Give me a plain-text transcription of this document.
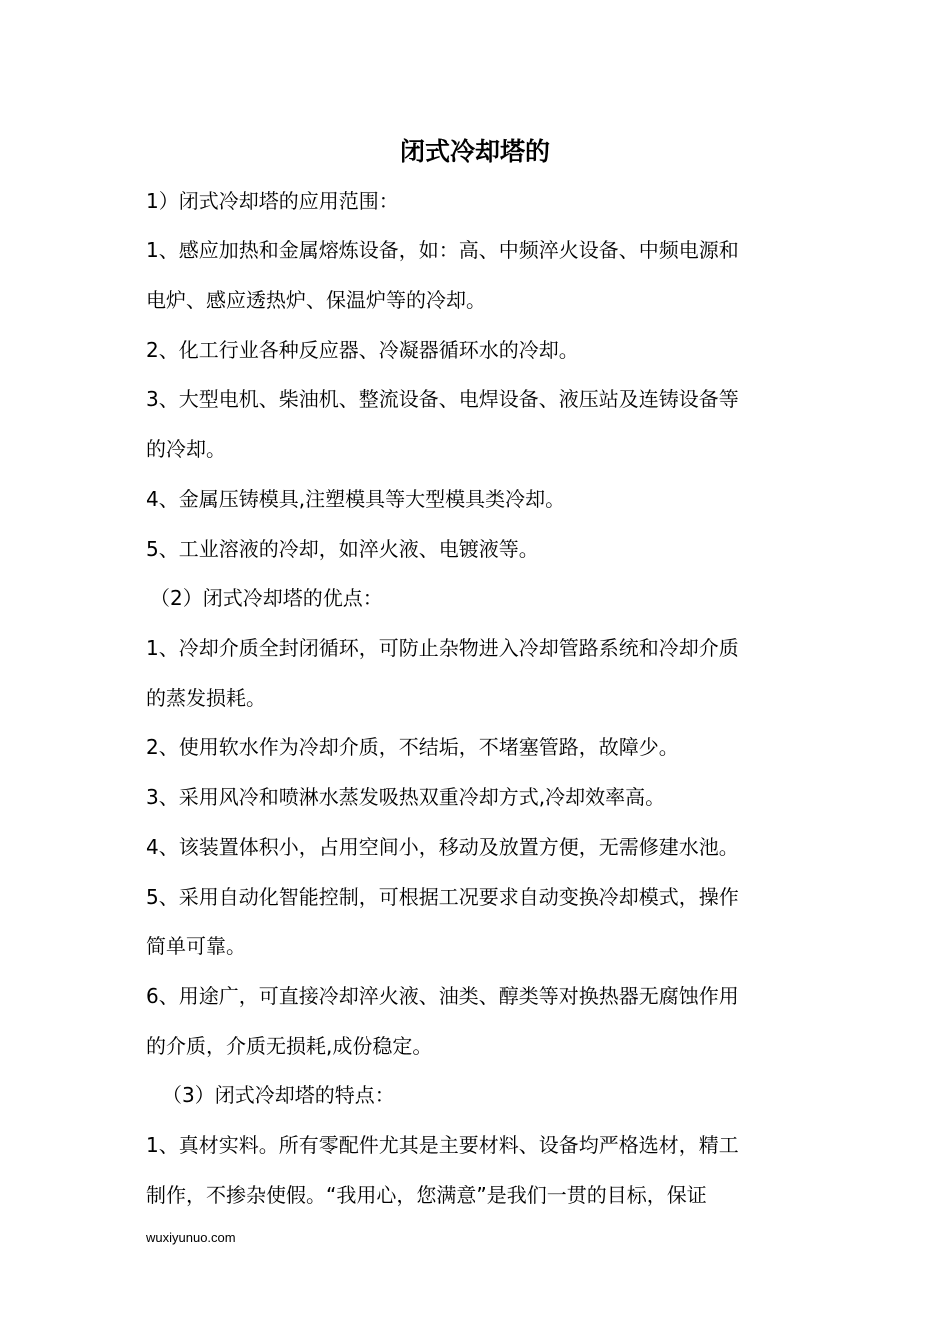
闭式冷却塔的
1）闭式冷却塔的应用范围：
1、感应加热和金属熔炼设备，如：高、中频淬火设备、中频电源和
电炉、感应透热炉、保温炉等的冷却。
2、化工行业各种反应器、冷凝器循环水的冷却。
3、大型电机、柴油机、整流设备、电焊设备、液压站及连铸设备等
的冷却。
4、金属压铸模具,注塑模具等大型模具类冷却。
5、工业溶液的冷却，如淬火液、电镀液等。
（2）闭式冷却塔的优点：
1、冷却介质全封闭循环，可防止杂物进入冷却管路系统和冷却介质
的蒸发损耗。
2、使用软水作为冷却介质，不结垢，不堵塞管路，故障少。
3、采用风冷和喷淋水蒸发吸热双重冷却方式,冷却效率高。
4、该装置体积小，占用空间小，移动及放置方便，无需修建水池。
5、采用自动化智能控制，可根据工况要求自动变换冷却模式，操作
简单可靠。
6、用途广，可直接冷却淬火液、油类、醇类等对换热器无腐蚀作用
的介质，介质无损耗,成份稳定。
（3）闭式冷却塔的特点：
1、真材实料。所有零配件尤其是主要材料、设备均严格选材，精工
制作，不掺杂使假。“我用心，您满意”是我们一贯的目标，保证
wuxiyunuo.com
